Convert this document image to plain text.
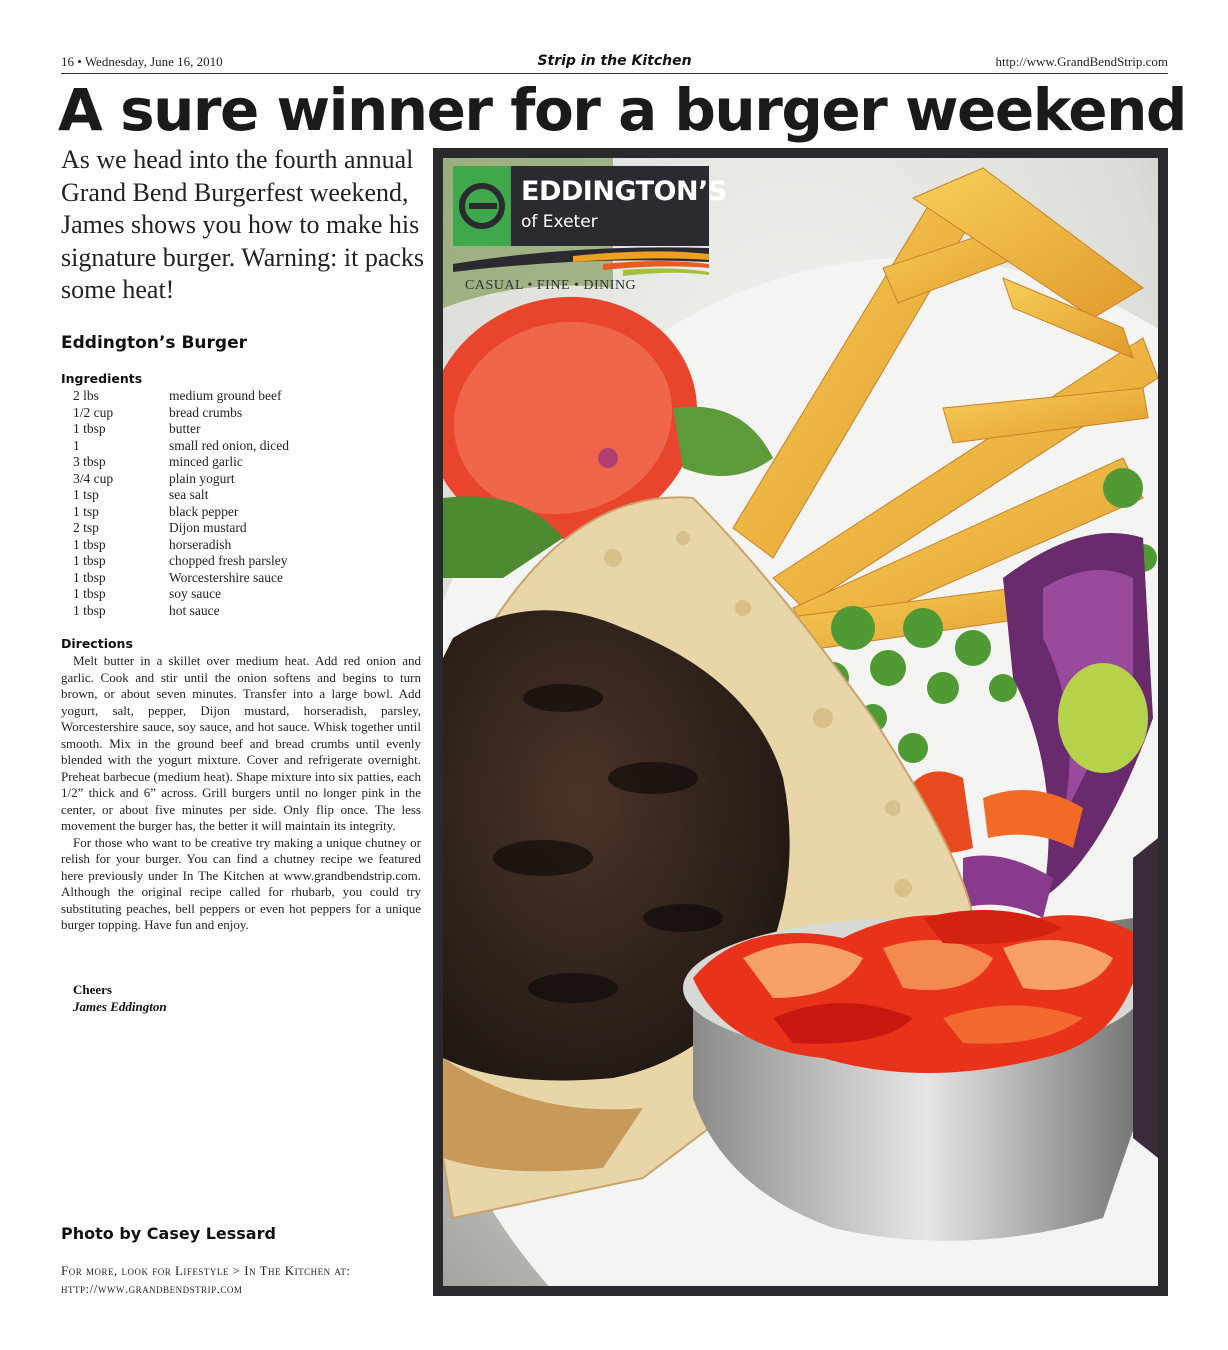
16 • Wednesday, June 16, 2010	Strip in the Kitchen	http://www.GrandBendStrip.com
A sure winner for a burger weekend

As we head into the fourth annual Grand Bend Burgerfest weekend, James shows you how to make his signature burger. Warning: it packs some heat!

Eddington’s Burger
Ingredients
2 lbs	medium ground beef
1/2 cup	bread crumbs
1 tbsp	butter
1	small red onion, diced
3 tbsp	minced garlic
3/4 cup	plain yogurt
1 tsp	sea salt
1 tsp	black pepper
2 tsp	Dijon mustard
1 tbsp	horseradish
1 tbsp	chopped fresh parsley
1 tbsp	Worcestershire sauce
1 tbsp	soy sauce
1 tbsp	hot sauce
Directions

Melt butter in a skillet over medium heat. Add red onion and garlic. Cook and stir until the onion softens and begins to turn brown, or about seven minutes. Transfer into a large bowl. Add yogurt, salt, pepper, Dijon mustard, horseradish, parsley, Worcestershire sauce, soy sauce, and hot sauce. Whisk together until smooth. Mix in the ground beef and bread crumbs until evenly blended with the yogurt mixture. Cover and refrigerate overnight. Preheat barbecue (medium heat). Shape mixture into six patties, each 1/2” thick and 6” across. Grill burgers until no longer pink in the center, or about five minutes per side. Only flip once. The less movement the burger has, the better it will maintain its integrity.

For those who want to be creative try making a unique chutney or relish for your burger. You can find a chutney recipe we featured here previously under In The Kitchen at www.grandbendstrip.com. Although the original recipe called for rhubarb, you could try substituting peaches, bell peppers or even hot peppers for a unique burger topping. Have fun and enjoy.

Cheers
James Eddington
Photo by Casey Lessard
For more, look for Lifestyle > In The Kitchen at:
http://www.grandbendstrip.com
EDDINGTON’S
of Exeter
CASUAL • FINE • DINING
